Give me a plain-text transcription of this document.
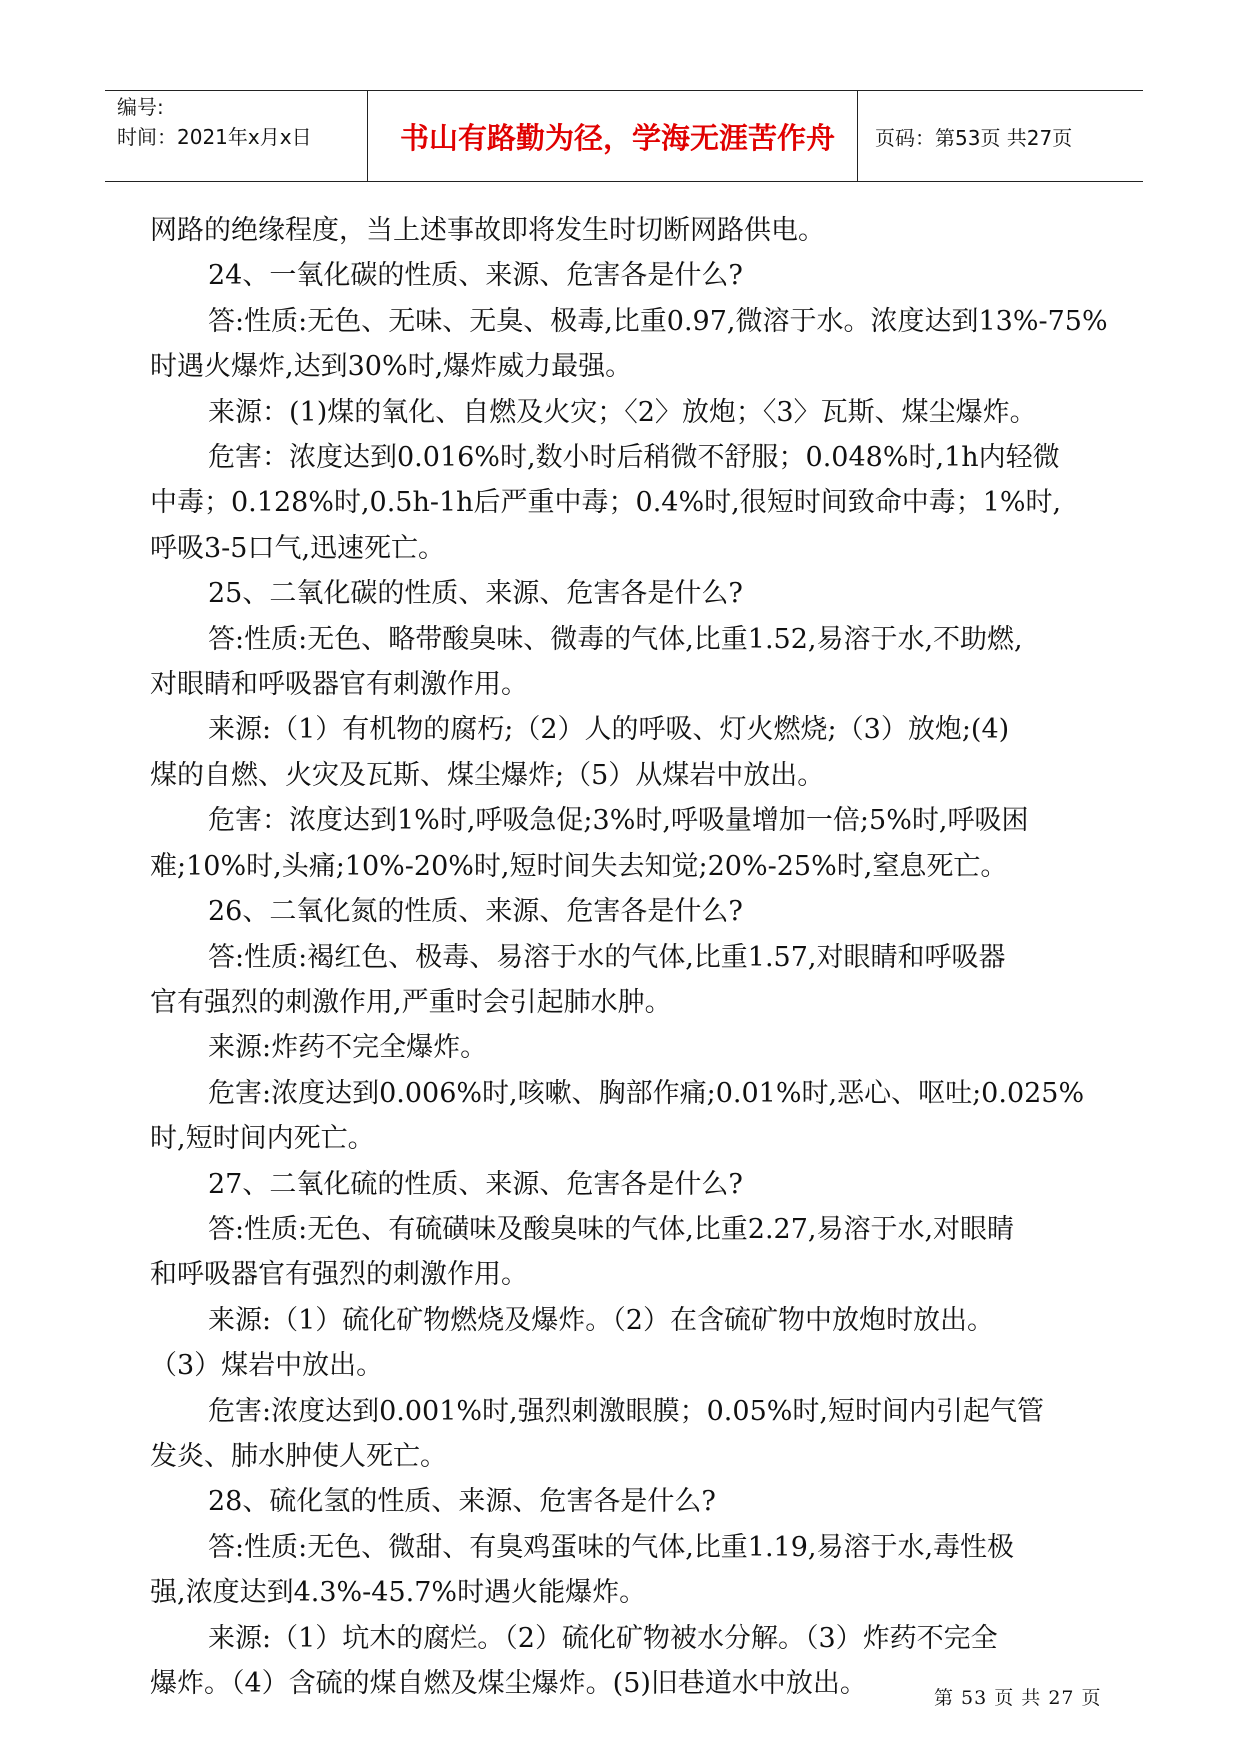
编号:
时间：2021年x月x日	书山有路勤为径，学海无涯苦作舟	页码：第53页 共27页

网路的绝缘程度，当上述事故即将发生时切断网路供电。

24、一氧化碳的性质、来源、危害各是什么?

答:性质:无色、无味、无臭、极毒,比重0.97,微溶于水。浓度达到13%-75%

时遇火爆炸,达到30%时,爆炸威力最强。

来源：(1)煤的氧化、自燃及火灾；〈2〉放炮；〈3〉瓦斯、煤尘爆炸。

危害：浓度达到0.016%时,数小时后稍微不舒服；0.048%时,1h内轻微

中毒；0.128%时,0.5h-1h后严重中毒；0.4%时,很短时间致命中毒；1%时,

呼吸3-5口气,迅速死亡。

25、二氧化碳的性质、来源、危害各是什么?

答:性质:无色、略带酸臭味、微毒的气体,比重1.52,易溶于水,不助燃,

对眼睛和呼吸器官有刺激作用。

来源:（1）有机物的腐朽;（2）人的呼吸、灯火燃烧;（3）放炮;(4)

煤的自燃、火灾及瓦斯、煤尘爆炸;（5）从煤岩中放出。

危害：浓度达到1%时,呼吸急促;3%时,呼吸量增加一倍;5%时,呼吸困

难;10%时,头痛;10%-20%时,短时间失去知觉;20%-25%时,窒息死亡。

26、二氧化氮的性质、来源、危害各是什么?

答:性质:褐红色、极毒、易溶于水的气体,比重1.57,对眼睛和呼吸器

官有强烈的刺激作用,严重时会引起肺水肿。

来源:炸药不完全爆炸。

危害:浓度达到0.006%时,咳嗽、胸部作痛;0.01%时,恶心、呕吐;0.025%

时,短时间内死亡。

27、二氧化硫的性质、来源、危害各是什么?

答:性质:无色、有硫磺味及酸臭味的气体,比重2.27,易溶于水,对眼睛

和呼吸器官有强烈的刺激作用。

来源:（1）硫化矿物燃烧及爆炸。（2）在含硫矿物中放炮时放出。

（3）煤岩中放出。

危害:浓度达到0.001%时,强烈刺激眼膜；0.05%时,短时间内引起气管

发炎、肺水肿使人死亡。

28、硫化氢的性质、来源、危害各是什么?

答:性质:无色、微甜、有臭鸡蛋味的气体,比重1.19,易溶于水,毒性极

强,浓度达到4.3%-45.7%时遇火能爆炸。

来源:（1）坑木的腐烂。（2）硫化矿物被水分解。（3）炸药不完全

爆炸。（4）含硫的煤自燃及煤尘爆炸。(5)旧巷道水中放出。	第 53 页 共 27 页
